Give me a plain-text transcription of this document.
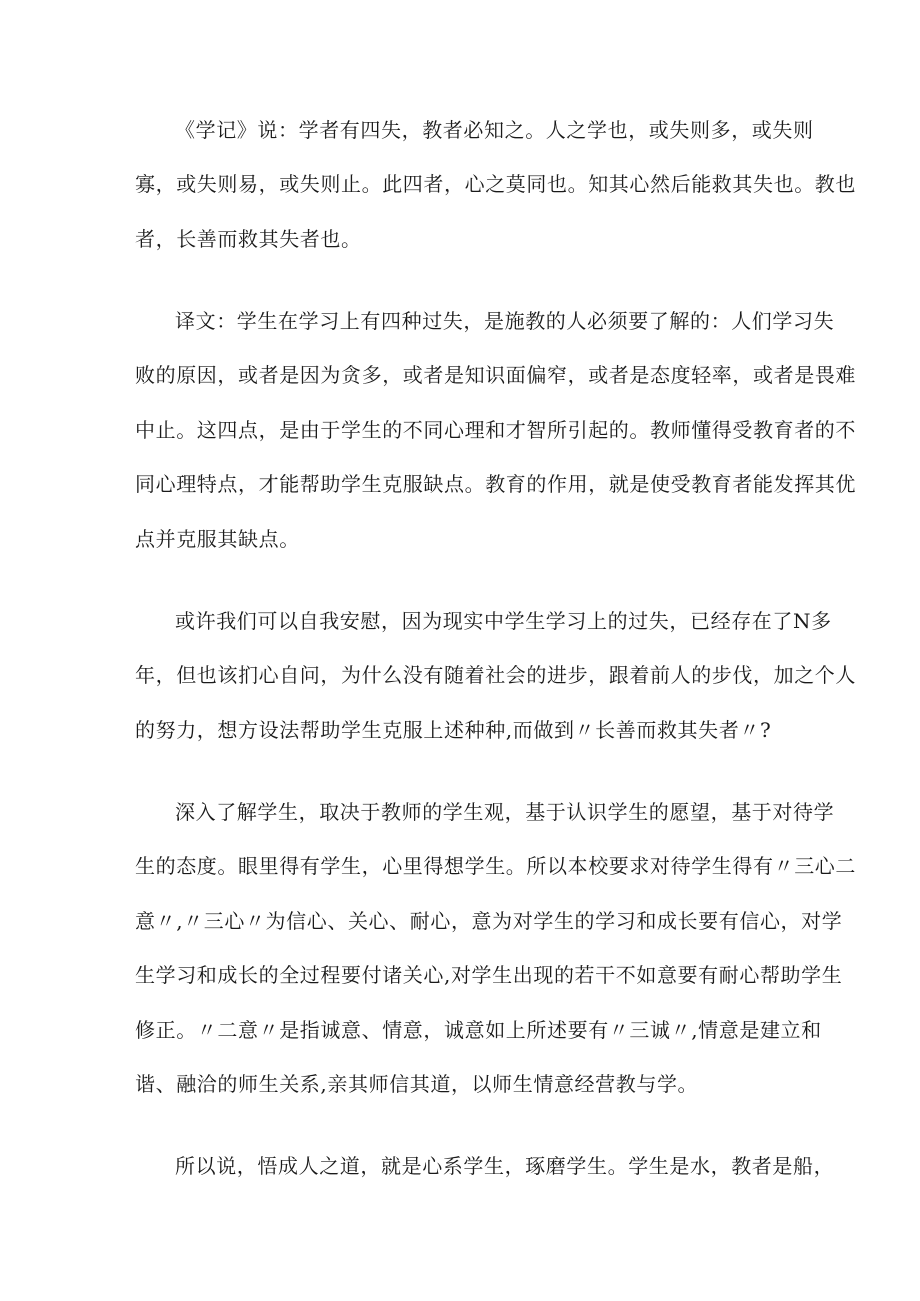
《学记》说：学者有四失，教者必知之。人之学也，或失则多，或失则
寡，或失则易，或失则止。此四者，心之莫同也。知其心然后能救其失也。教也
者，长善而救其失者也。
译文：学生在学习上有四种过失，是施教的人必须要了解的：人们学习失
败的原因，或者是因为贪多，或者是知识面偏窄，或者是态度轻率，或者是畏难
中止。这四点，是由于学生的不同心理和才智所引起的。教师懂得受教育者的不
同心理特点，才能帮助学生克服缺点。教育的作用，就是使受教育者能发挥其优
点并克服其缺点。
或许我们可以自我安慰，因为现实中学生学习上的过失，已经存在了N多
年，但也该扪心自问，为什么没有随着社会的进步，跟着前人的步伐，加之个人
的努力，想方设法帮助学生克服上述种种,而做到〃长善而救其失者〃?
深入了解学生，取决于教师的学生观，基于认识学生的愿望，基于对待学
生的态度。眼里得有学生，心里得想学生。所以本校要求对待学生得有〃三心二
意〃,〃三心〃为信心、关心、耐心，意为对学生的学习和成长要有信心，对学
生学习和成长的全过程要付诸关心,对学生出现的若干不如意要有耐心帮助学生
修正。〃二意〃是指诚意、情意，诚意如上所述要有〃三诚〃,情意是建立和
谐、融洽的师生关系,亲其师信其道，以师生情意经营教与学。
所以说，悟成人之道，就是心系学生，琢磨学生。学生是水，教者是船，
